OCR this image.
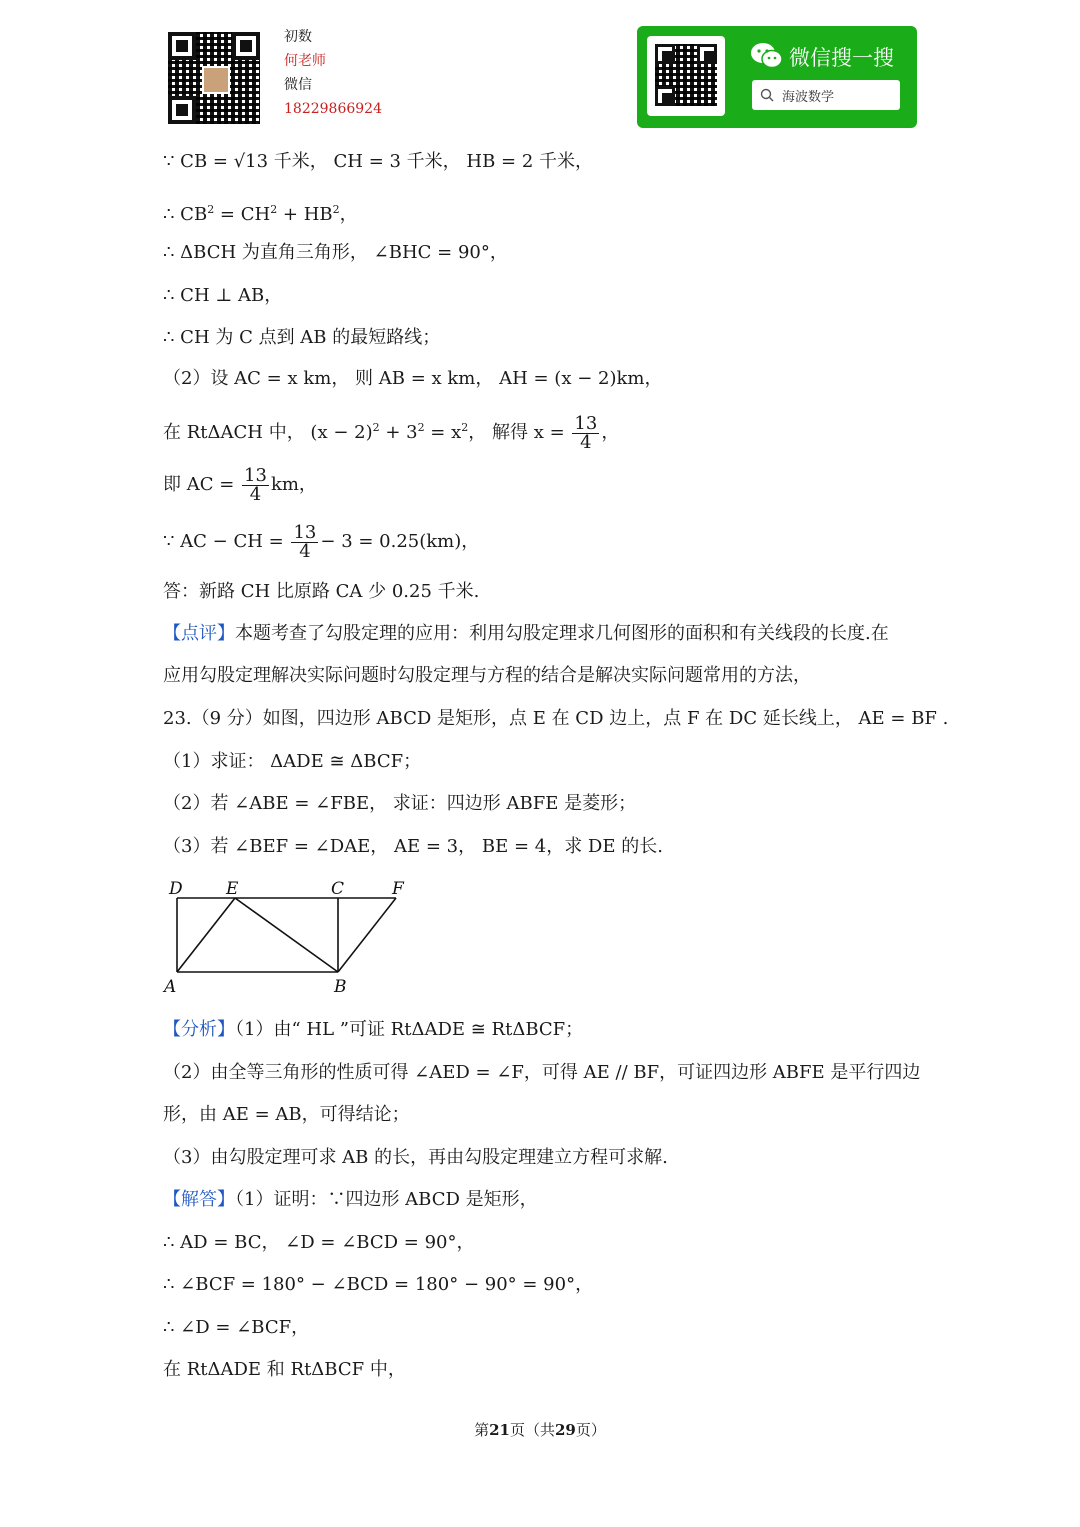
初数
何老师
微信
18229866924
微信搜一搜
海波数学
∵ CB = √13 千米， CH = 3 千米， HB = 2 千米，
∴ $CB^2 = CH^2 + HB^2$，
∴ ΔBCH 为直角三角形， ∠BHC = 90°，
∴ CH ⊥ AB，
∴ CH 为 C 点到 AB 的最短路线；
（2）设 AC = x km， 则 AB = x km， AH = (x − 2)km，
在 RtΔACH 中， $(x - 2)^2 + 3^2 = x^2$， 解得 $x = \frac{13}{4}$ ，
即 AC = $\frac{13}{4}$ km，
∵ AC − CH = $\frac{13}{4} - 3 = 0.25(km)$，
答：新路 CH 比原路 CA 少 0.25 千米.
【点评】本题考查了勾股定理的应用：利用勾股定理求几何图形的面积和有关线段的长度.在
应用勾股定理解决实际问题时勾股定理与方程的结合是解决实际问题常用的方法，
23.（9 分）如图，四边形 ABCD 是矩形，点 E 在 CD 边上，点 F 在 DC 延长线上， AE = BF .
（1）求证： ΔADE ≅ ΔBCF；
（2）若 ∠ABE = ∠FBE， 求证：四边形 ABFE 是菱形；
（3）若 ∠BEF = ∠DAE， AE = 3， BE = 4，求 DE 的长.
D	E	C	F
A	B
【分析】（1）由“ HL ”可证 RtΔADE ≅ RtΔBCF；
（2）由全等三角形的性质可得 ∠AED = ∠F，可得 AE // BF，可证四边形 ABFE 是平行四边
形，由 AE = AB，可得结论；
（3）由勾股定理可求 AB 的长，再由勾股定理建立方程可求解.
【解答】（1）证明：∵四边形 ABCD 是矩形，
∴ AD = BC， ∠D = ∠BCD = 90°，
∴ ∠BCF = 180° − ∠BCD = 180° − 90° = 90°，
∴ ∠D = ∠BCF，
在 RtΔADE 和 RtΔBCF 中，
第21页（共29页）
